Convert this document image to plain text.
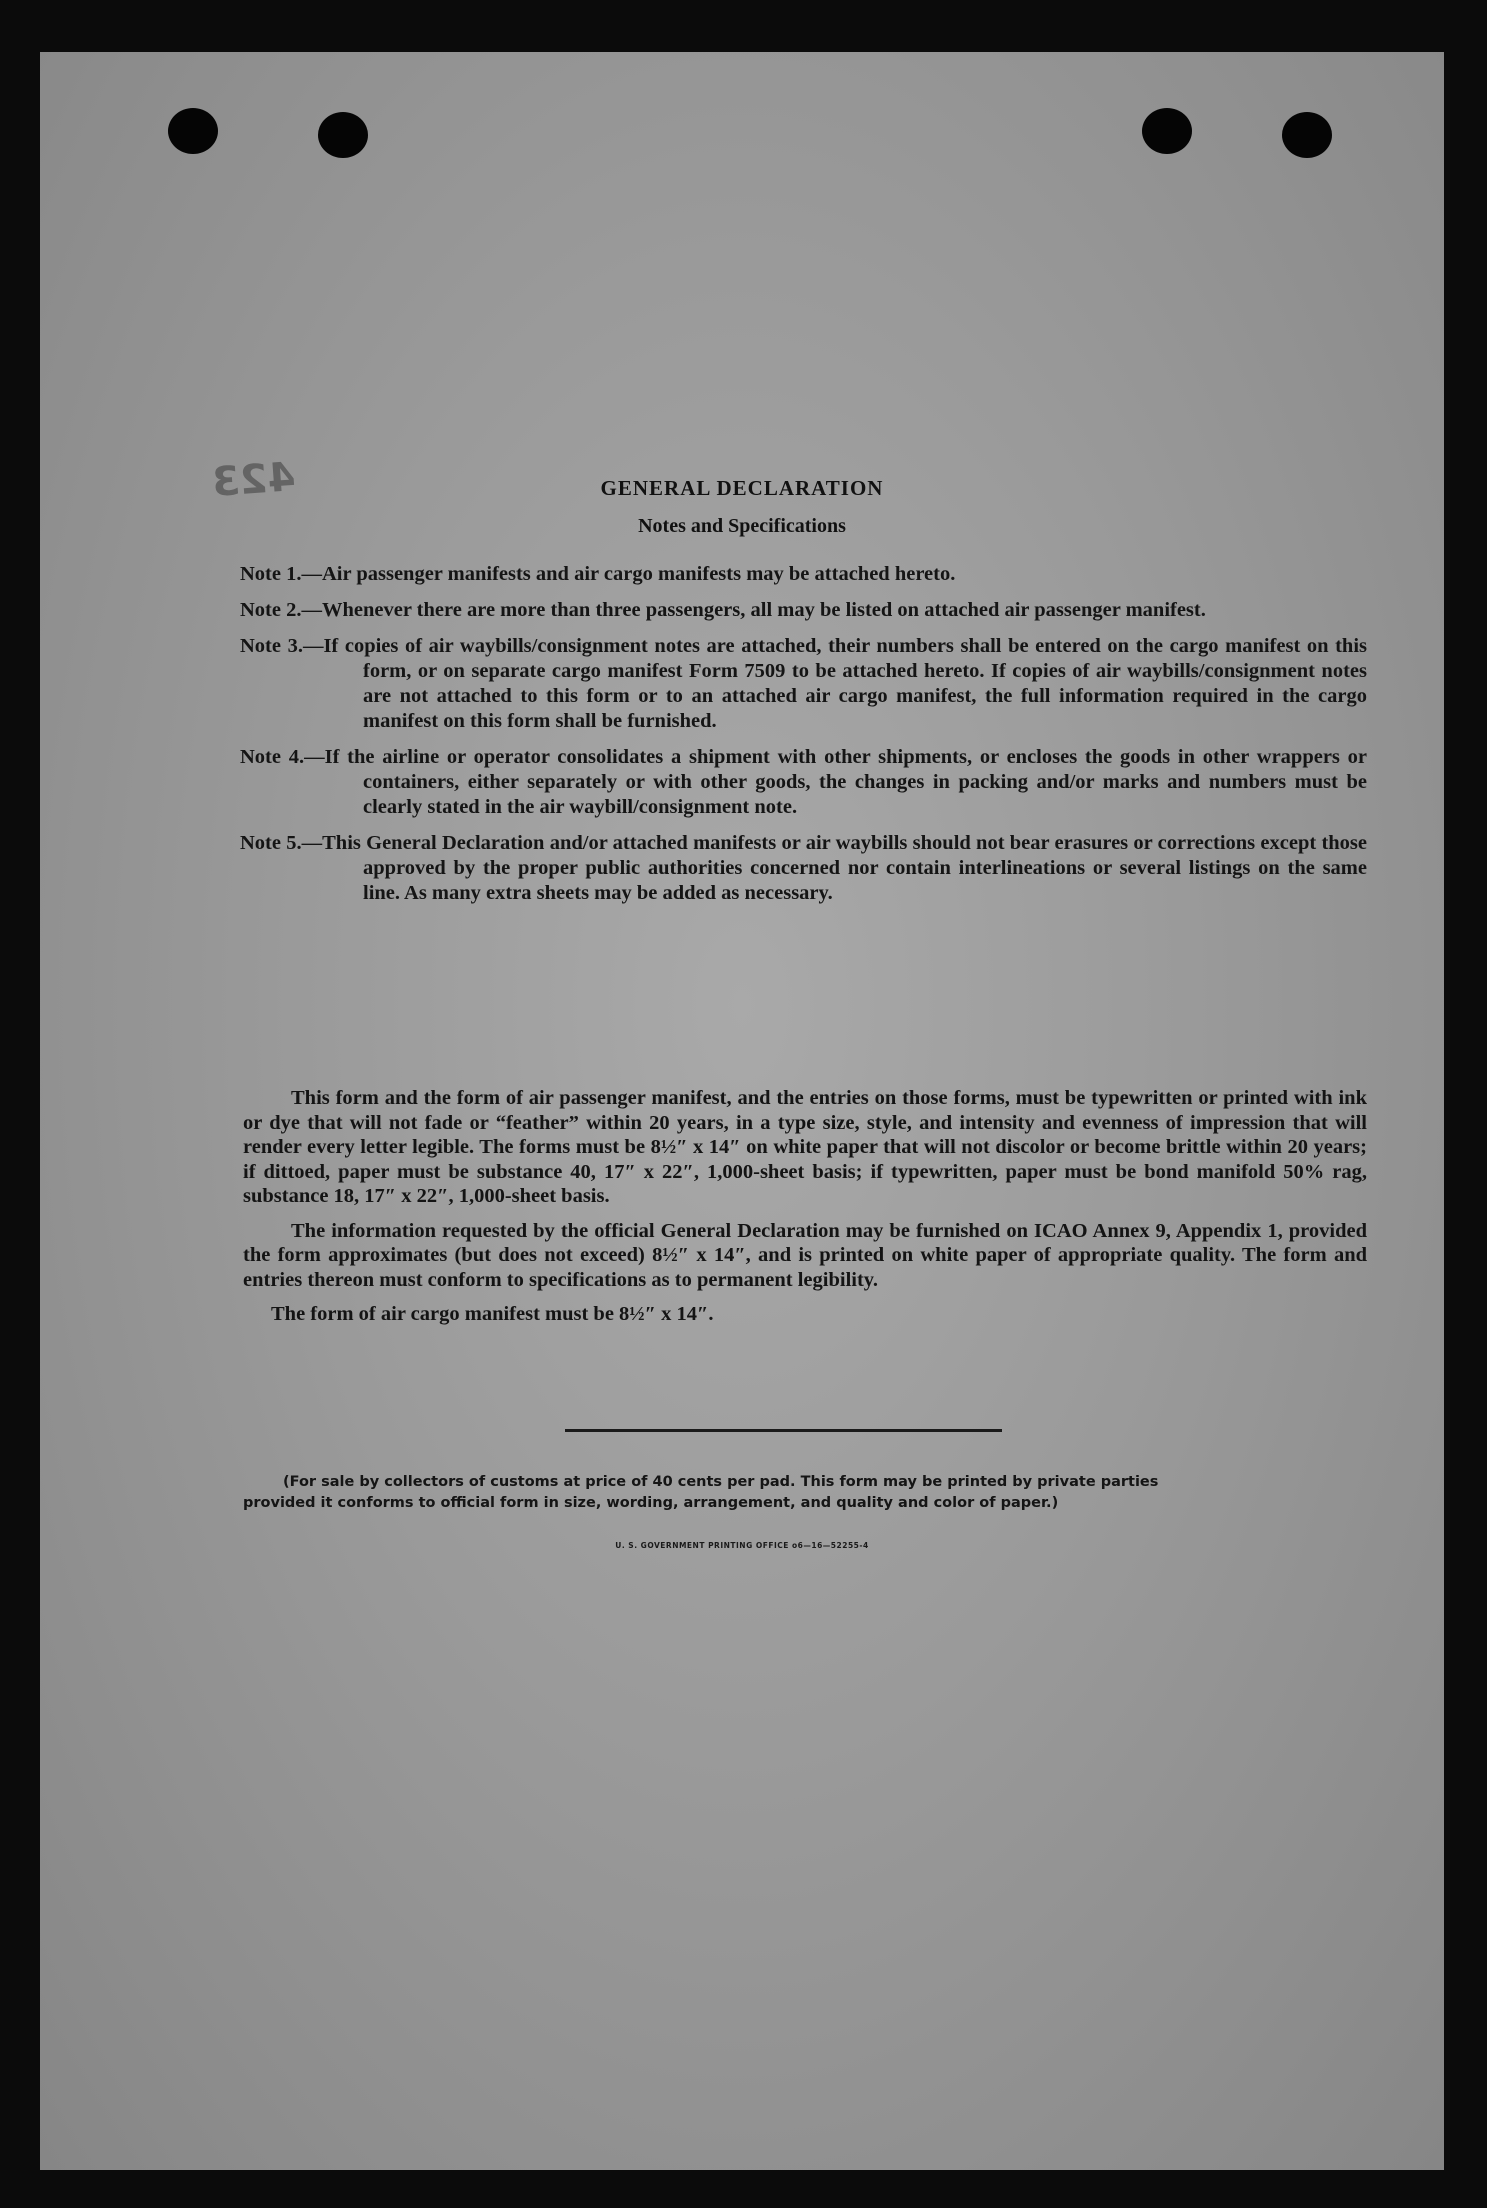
423	GENERAL DECLARATION
Notes and Specifications
Note 1.—Air passenger manifests and air cargo manifests may be attached hereto.
Note 2.—Whenever there are more than three passengers, all may be listed on attached air passenger manifest.
Note 3.—If copies of air waybills/consignment notes are attached, their numbers shall be entered on the cargo manifest on this form, or on separate cargo manifest Form 7509 to be attached hereto. If copies of air waybills/consignment notes are not attached to this form or to an attached air cargo manifest, the full information required in the cargo manifest on this form shall be furnished.
Note 4.—If the airline or operator consolidates a shipment with other shipments, or encloses the goods in other wrappers or containers, either separately or with other goods, the changes in packing and/or marks and numbers must be clearly stated in the air waybill/consignment note.
Note 5.—This General Declaration and/or attached manifests or air waybills should not bear erasures or corrections except those approved by the proper public authorities concerned nor contain interlineations or several listings on the same line. As many extra sheets may be added as necessary.

This form and the form of air passenger manifest, and the entries on those forms, must be typewritten or printed with ink or dye that will not fade or “feather” within 20 years, in a type size, style, and intensity and evenness of impression that will render every letter legible. The forms must be 8½″ x 14″ on white paper that will not discolor or become brittle within 20 years; if dittoed, paper must be substance 40, 17″ x 22″, 1,000-sheet basis; if typewritten, paper must be bond manifold 50% rag, substance 18, 17″ x 22″, 1,000-sheet basis.

The information requested by the official General Declaration may be furnished on ICAO Annex 9, Appendix 1, provided the form approximates (but does not exceed) 8½″ x 14″, and is printed on white paper of appropriate quality. The form and entries thereon must conform to specifications as to permanent legibility.

The form of air cargo manifest must be 8½″ x 14″.

(For sale by collectors of customs at price of 40 cents per pad. This form may be printed by private parties
provided it conforms to official form in size, wording, arrangement, and quality and color of paper.)
U. S. GOVERNMENT PRINTING OFFICE o6—16—52255-4
